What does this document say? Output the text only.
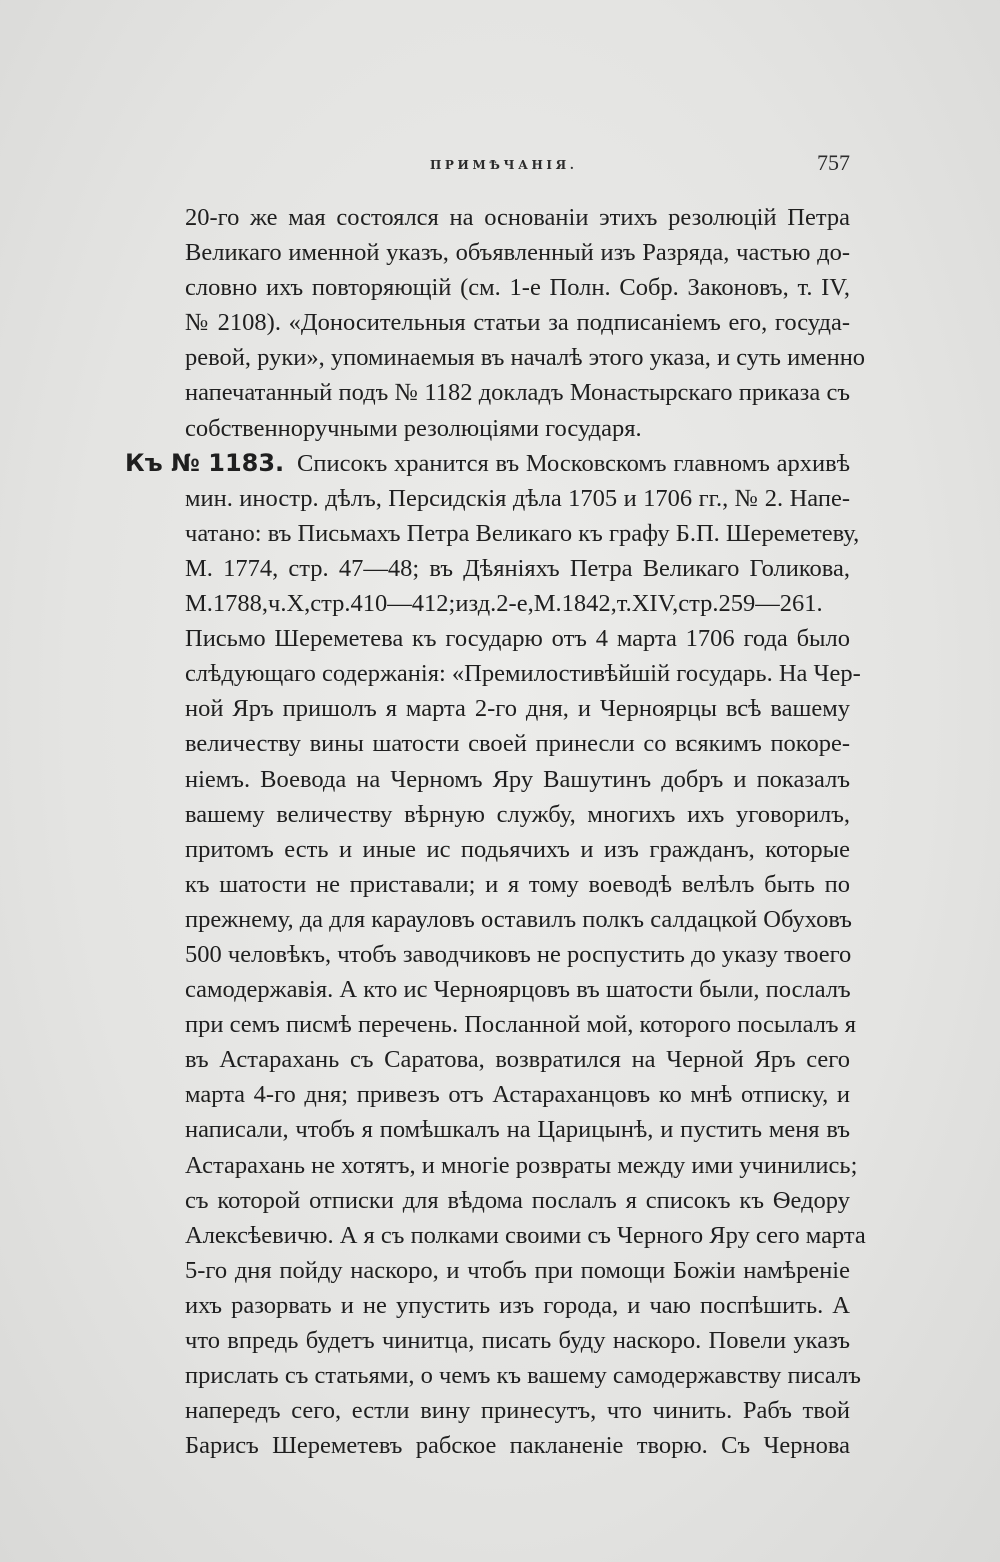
ПРИМѢЧАНІЯ.	757
20-го же мая состоялся на основаніи этихъ резолюцій Петра
Великаго именной указъ, объявленный изъ Разряда, частью до-
словно ихъ повторяющій (см. 1-е Полн. Собр. Законовъ, т. IV,
№ 2108). «Доносительныя статьи за подписаніемъ его, госуда-
ревой, руки», упоминаемыя въ началѣ этого указа, и суть именно
напечатанный подъ № 1182 докладъ Монастырскаго приказа съ
собственноручными резолюціями государя.
Къ № 1183. Списокъ хранится въ Московскомъ главномъ архивѣ
мин. иностр. дѣлъ, Персидскія дѣла 1705 и 1706 гг., № 2. Напе-
чатано: въ Письмахъ Петра Великаго къ графу Б.П. Шереметеву,
М. 1774, стр. 47—48; въ Дѣяніяхъ Петра Великаго Голикова,
М.1788,ч.X,стр.410—412;изд.2-е,М.1842,т.XIV,стр.259—261.
Письмо Шереметева къ государю отъ 4 марта 1706 года было
слѣдующаго содержанія: «Премилостивѣйшій государь. На Чер-
ной Яръ пришолъ я марта 2-го дня, и Черноярцы всѣ вашему
величеству вины шатости своей принесли со всякимъ покоре-
ніемъ. Воевода на Черномъ Яру Вашутинъ добръ и показалъ
вашему величеству вѣрную службу, многихъ ихъ уговорилъ,
притомъ есть и иные ис подьячихъ и изъ гражданъ, которые
къ шатости не приставали; и я тому воеводѣ велѣлъ быть по
прежнему, да для карауловъ оставилъ полкъ салдацкой Обуховъ
500 человѣкъ, чтобъ заводчиковъ не роспустить до указу твоего
самодержавія. А кто ис Черноярцовъ въ шатости были, послалъ
при семъ писмѣ перечень. Посланной мой, которого посылалъ я
въ Астарахань съ Саратова, возвратился на Черной Яръ сего
марта 4-го дня; привезъ отъ Астараханцовъ ко мнѣ отписку, и
написали, чтобъ я помѣшкалъ на Царицынѣ, и пустить меня въ
Астарахань не хотятъ, и многіе розвраты между ими учинились;
съ которой отписки для вѣдома послалъ я списокъ къ Ѳедору
Алексѣевичю. А я съ полками своими съ Черного Яру сего марта
5-го дня пойду наскоро, и чтобъ при помощи Божіи намѣреніе
ихъ разорвать и не упустить изъ города, и чаю поспѣшить. А
что впредь будетъ чинитца, писать буду наскоро. Повели указъ
прислать съ статьями, о чемъ къ вашему самодержавству писалъ
напередъ сего, естли вину принесутъ, что чинить. Рабъ твой
Барисъ Шереметевъ рабское пакланеніе творю. Съ Чернова
